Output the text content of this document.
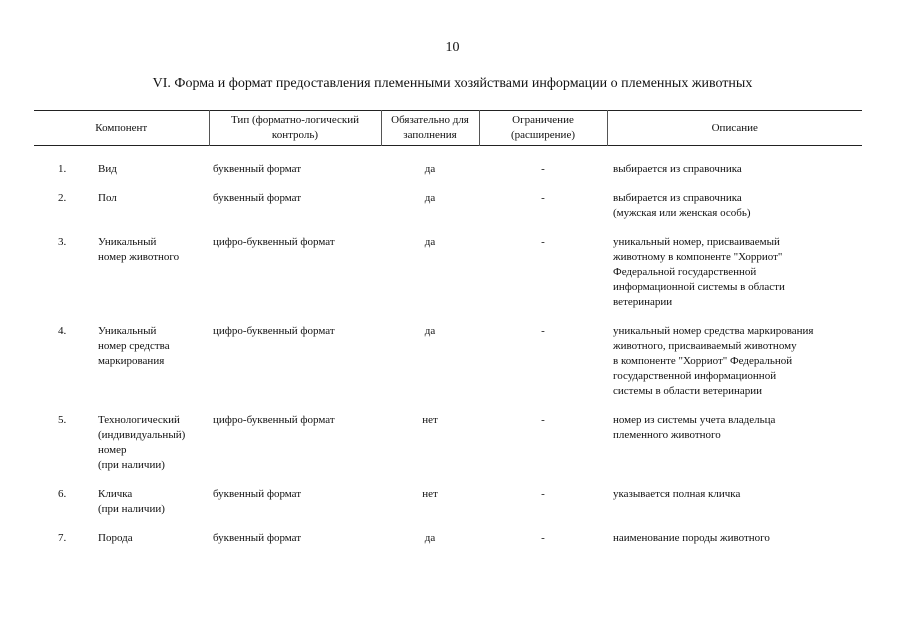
10
VI. Форма и формат предоставления племенными хозяйствами информации о племенных животных
Компонент	Тип (форматно-логический контроль)	Обязательно для заполнения	Ограничение (расширение)	Описание

1. Вид	буквенный формат	да	-	выбирается из справочника

2. Пол	буквенный формат	да	-	выбирается из справочника
(мужская или женская особь)

3. Уникальный
номер животного	цифро-буквенный формат	да	-	уникальный номер, присваиваемый
животному в компоненте "Хорриот"
Федеральной государственной
информационной системы в области
ветеринарии

4. Уникальный
номер средства
маркирования	цифро-буквенный формат	да	-	уникальный номер средства маркирования
животного, присваиваемый животному
в компоненте "Хорриот" Федеральной
государственной информационной
системы в области ветеринарии

5. Технологический
(индивидуальный)
номер
(при наличии)	цифро-буквенный формат	нет	-	номер из системы учета владельца
племенного животного

6. Кличка
(при наличии)	буквенный формат	нет	-	указывается полная кличка

7. Порода	буквенный формат	да	-	наименование породы животного
